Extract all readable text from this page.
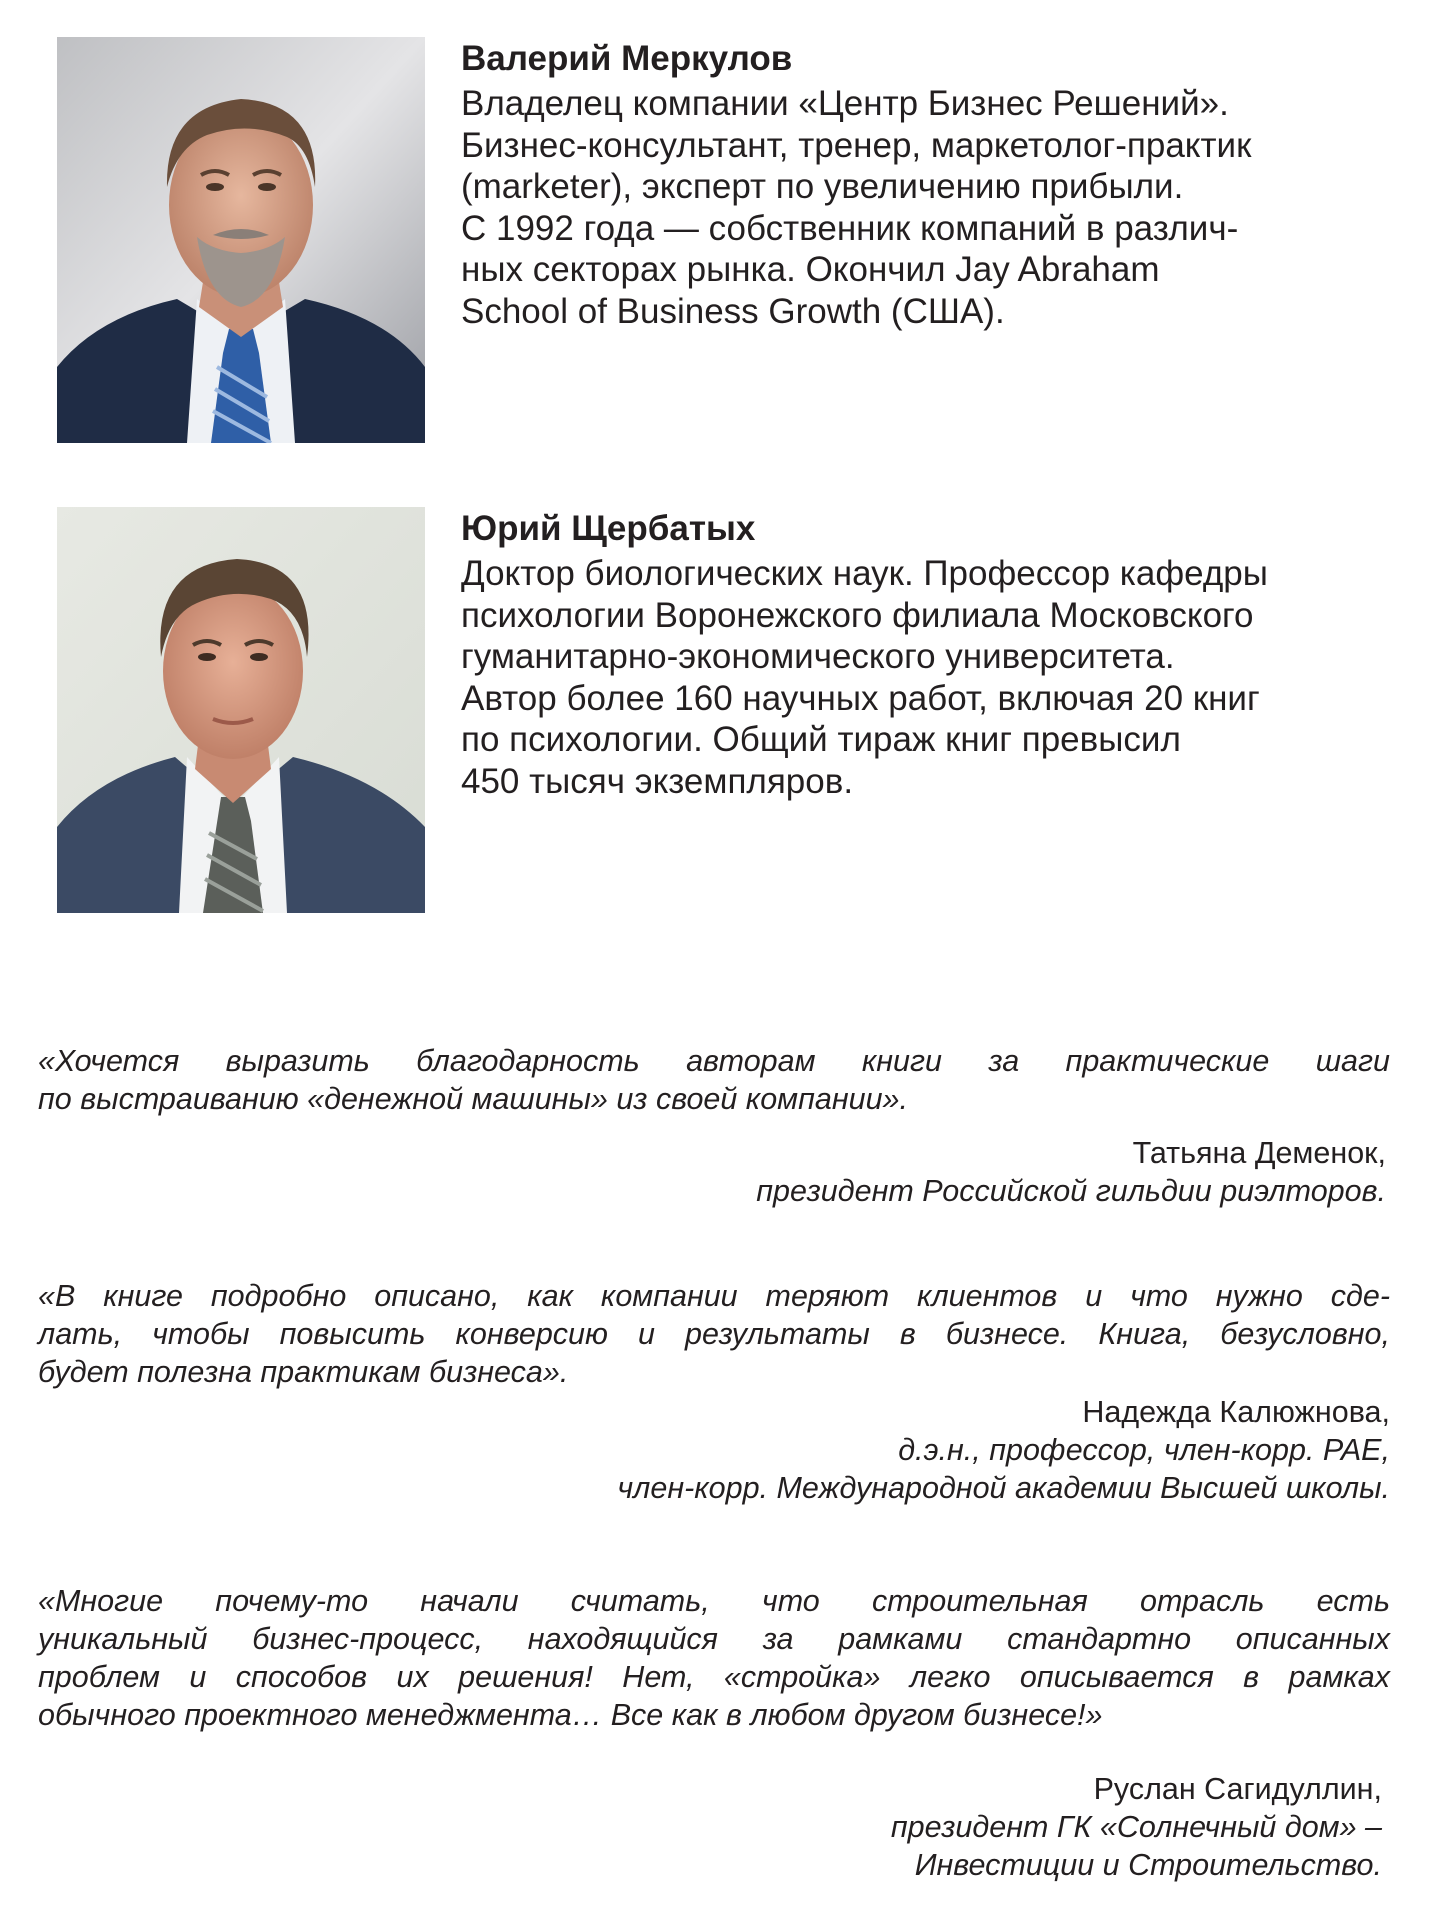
Валерий Меркулов
Владелец компании «Центр Бизнес Решений».
Бизнес-консультант, тренер, маркетолог-практик
(marketer), эксперт по увеличению прибыли.
С 1992 года — собственник компаний в различ-
ных секторах рынка. Окончил Jay Abraham
School of Business Growth (США).
Юрий Щербатых
Доктор биологических наук. Профессор кафедры
психологии Воронежского филиала Московского
гуманитарно-экономического университета.
Автор более 160 научных работ, включая 20 книг
по психологии. Общий тираж книг превысил
450 тысяч экземпляров.
«Хочется выразить благодарность авторам книги за практические шаги
по выстраиванию «денежной машины» из своей компании».
Татьяна Деменок,
президент Российской гильдии риэлторов.
«В книге подробно описано, как компании теряют клиентов и что нужно сде-
лать, чтобы повысить конверсию и результаты в бизнесе. Книга, безусловно,
будет полезна практикам бизнеса».
Надежда Калюжнова,
д.э.н., профессор, член-корр. РАЕ,
член-корр. Международной академии Высшей школы.
«Многие почему-то начали считать, что строительная отрасль есть
уникальный бизнес-процесс, находящийся за рамками стандартно описанных
проблем и способов их решения! Нет, «стройка» легко описывается в рамках
обычного проектного менеджмента… Все как в любом другом бизнесе!»
Руслан Сагидуллин,
президент ГК «Солнечный дом» –
Инвестиции и Строительство.
